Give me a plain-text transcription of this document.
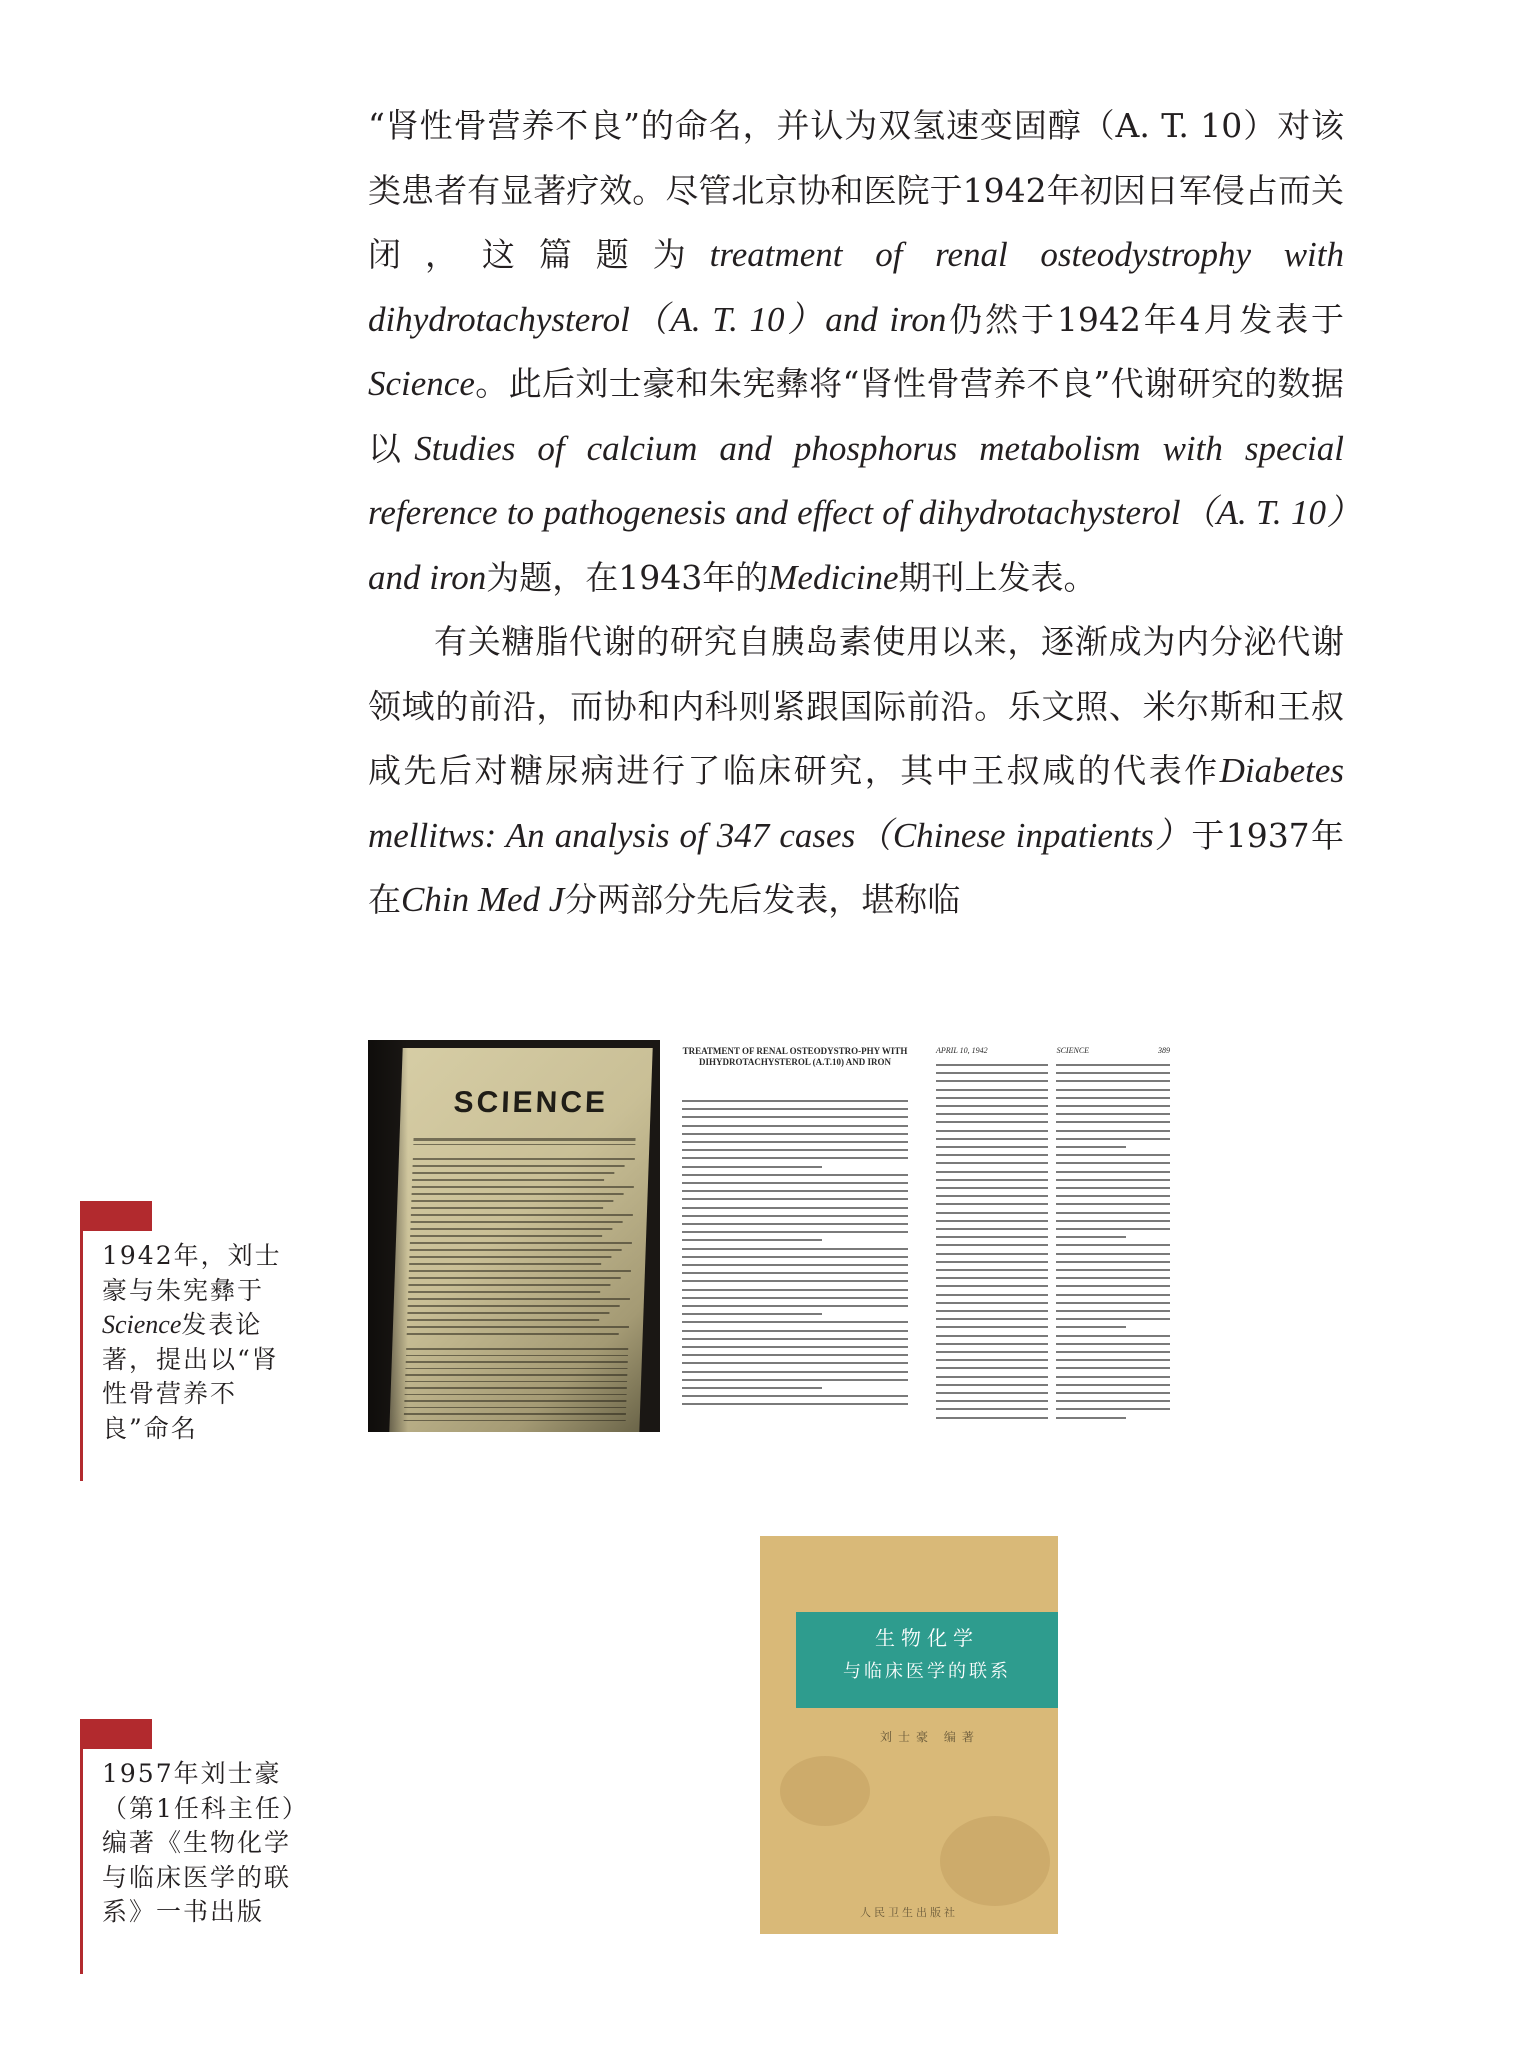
“肾性骨营养不良”的命名，并认为双氢速变固醇（A. T. 10）对该类患者有显著疗效。尽管北京协和医院于1942年初因日军侵占而关闭，这篇题为treatment of renal osteodystrophy with dihydrotachysterol（A. T. 10）and iron仍然于1942年4月发表于Science。此后刘士豪和朱宪彝将“肾性骨营养不良”代谢研究的数据以Studies of calcium and phosphorus metabolism with special reference to pathogenesis and effect of dihydrotachysterol（A. T. 10）and iron为题，在1943年的Medicine期刊上发表。

有关糖脂代谢的研究自胰岛素使用以来，逐渐成为内分泌代谢领域的前沿，而协和内科则紧跟国际前沿。乐文照、米尔斯和王叔咸先后对糖尿病进行了临床研究，其中王叔咸的代表作Diabetes mellitws: An analysis of 347 cases（Chinese inpatients）于1937年在Chin Med J分两部分先后发表，堪称临

1942年，刘士豪与朱宪彝于Science发表论著，提出以“肾性骨营养不良”命名
1957年刘士豪（第1任科主任）编著《生物化学与临床医学的联系》一书出版
SCIENCE
TREATMENT OF RENAL OSTEODYSTRO-PHY WITH DIHYDROTACHYSTEROL (A.T.10) AND IRON
APRIL 10, 1942	SCIENCE	389
生物化学
与临床医学的联系
刘士豪 编著
人民卫生出版社
